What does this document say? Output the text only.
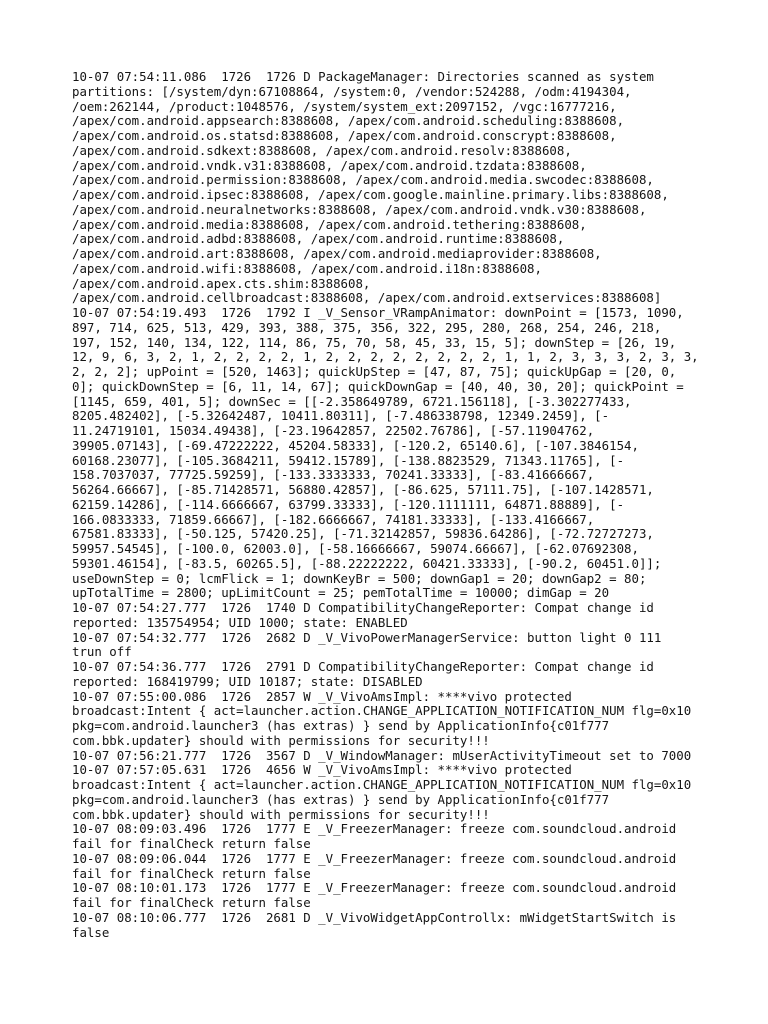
10-07 07:54:11.086  1726  1726 D PackageManager: Directories scanned as system
partitions: [/system/dyn:67108864, /system:0, /vendor:524288, /odm:4194304,
/oem:262144, /product:1048576, /system/system_ext:2097152, /vgc:16777216,
/apex/com.android.appsearch:8388608, /apex/com.android.scheduling:8388608,
/apex/com.android.os.statsd:8388608, /apex/com.android.conscrypt:8388608,
/apex/com.android.sdkext:8388608, /apex/com.android.resolv:8388608,
/apex/com.android.vndk.v31:8388608, /apex/com.android.tzdata:8388608,
/apex/com.android.permission:8388608, /apex/com.android.media.swcodec:8388608,
/apex/com.android.ipsec:8388608, /apex/com.google.mainline.primary.libs:8388608,
/apex/com.android.neuralnetworks:8388608, /apex/com.android.vndk.v30:8388608,
/apex/com.android.media:8388608, /apex/com.android.tethering:8388608,
/apex/com.android.adbd:8388608, /apex/com.android.runtime:8388608,
/apex/com.android.art:8388608, /apex/com.android.mediaprovider:8388608,
/apex/com.android.wifi:8388608, /apex/com.android.i18n:8388608,
/apex/com.android.apex.cts.shim:8388608,
/apex/com.android.cellbroadcast:8388608, /apex/com.android.extservices:8388608]
10-07 07:54:19.493  1726  1792 I _V_Sensor_VRampAnimator: downPoint = [1573, 1090,
897, 714, 625, 513, 429, 393, 388, 375, 356, 322, 295, 280, 268, 254, 246, 218,
197, 152, 140, 134, 122, 114, 86, 75, 70, 58, 45, 33, 15, 5]; downStep = [26, 19,
12, 9, 6, 3, 2, 1, 2, 2, 2, 2, 1, 2, 2, 2, 2, 2, 2, 2, 2, 1, 1, 2, 3, 3, 3, 2, 3, 3,
2, 2, 2]; upPoint = [520, 1463]; quickUpStep = [47, 87, 75]; quickUpGap = [20, 0,
0]; quickDownStep = [6, 11, 14, 67]; quickDownGap = [40, 40, 30, 20]; quickPoint =
[1145, 659, 401, 5]; downSec = [[-2.358649789, 6721.156118], [-3.302277433,
8205.482402], [-5.32642487, 10411.80311], [-7.486338798, 12349.2459], [-
11.24719101, 15034.49438], [-23.19642857, 22502.76786], [-57.11904762,
39905.07143], [-69.47222222, 45204.58333], [-120.2, 65140.6], [-107.3846154,
60168.23077], [-105.3684211, 59412.15789], [-138.8823529, 71343.11765], [-
158.7037037, 77725.59259], [-133.3333333, 70241.33333], [-83.41666667,
56264.66667], [-85.71428571, 56880.42857], [-86.625, 57111.75], [-107.1428571,
62159.14286], [-114.6666667, 63799.33333], [-120.1111111, 64871.88889], [-
166.0833333, 71859.66667], [-182.6666667, 74181.33333], [-133.4166667,
67581.83333], [-50.125, 57420.25], [-71.32142857, 59836.64286], [-72.72727273,
59957.54545], [-100.0, 62003.0], [-58.16666667, 59074.66667], [-62.07692308,
59301.46154], [-83.5, 60265.5], [-88.22222222, 60421.33333], [-90.2, 60451.0]];
useDownStep = 0; lcmFlick = 1; downKeyBr = 500; downGap1 = 20; downGap2 = 80;
upTotalTime = 2800; upLimitCount = 25; pemTotalTime = 10000; dimGap = 20
10-07 07:54:27.777  1726  1740 D CompatibilityChangeReporter: Compat change id
reported: 135754954; UID 1000; state: ENABLED
10-07 07:54:32.777  1726  2682 D _V_VivoPowerManagerService: button light 0 111
trun off
10-07 07:54:36.777  1726  2791 D CompatibilityChangeReporter: Compat change id
reported: 168419799; UID 10187; state: DISABLED
10-07 07:55:00.086  1726  2857 W _V_VivoAmsImpl: ****vivo protected
broadcast:Intent { act=launcher.action.CHANGE_APPLICATION_NOTIFICATION_NUM flg=0x10
pkg=com.android.launcher3 (has extras) } send by ApplicationInfo{c01f777
com.bbk.updater} should with permissions for security!!!
10-07 07:56:21.777  1726  3567 D _V_WindowManager: mUserActivityTimeout set to 7000
10-07 07:57:05.631  1726  4656 W _V_VivoAmsImpl: ****vivo protected
broadcast:Intent { act=launcher.action.CHANGE_APPLICATION_NOTIFICATION_NUM flg=0x10
pkg=com.android.launcher3 (has extras) } send by ApplicationInfo{c01f777
com.bbk.updater} should with permissions for security!!!
10-07 08:09:03.496  1726  1777 E _V_FreezerManager: freeze com.soundcloud.android
fail for finalCheck return false
10-07 08:09:06.044  1726  1777 E _V_FreezerManager: freeze com.soundcloud.android
fail for finalCheck return false
10-07 08:10:01.173  1726  1777 E _V_FreezerManager: freeze com.soundcloud.android
fail for finalCheck return false
10-07 08:10:06.777  1726  2681 D _V_VivoWidgetAppControllx: mWidgetStartSwitch is
false
